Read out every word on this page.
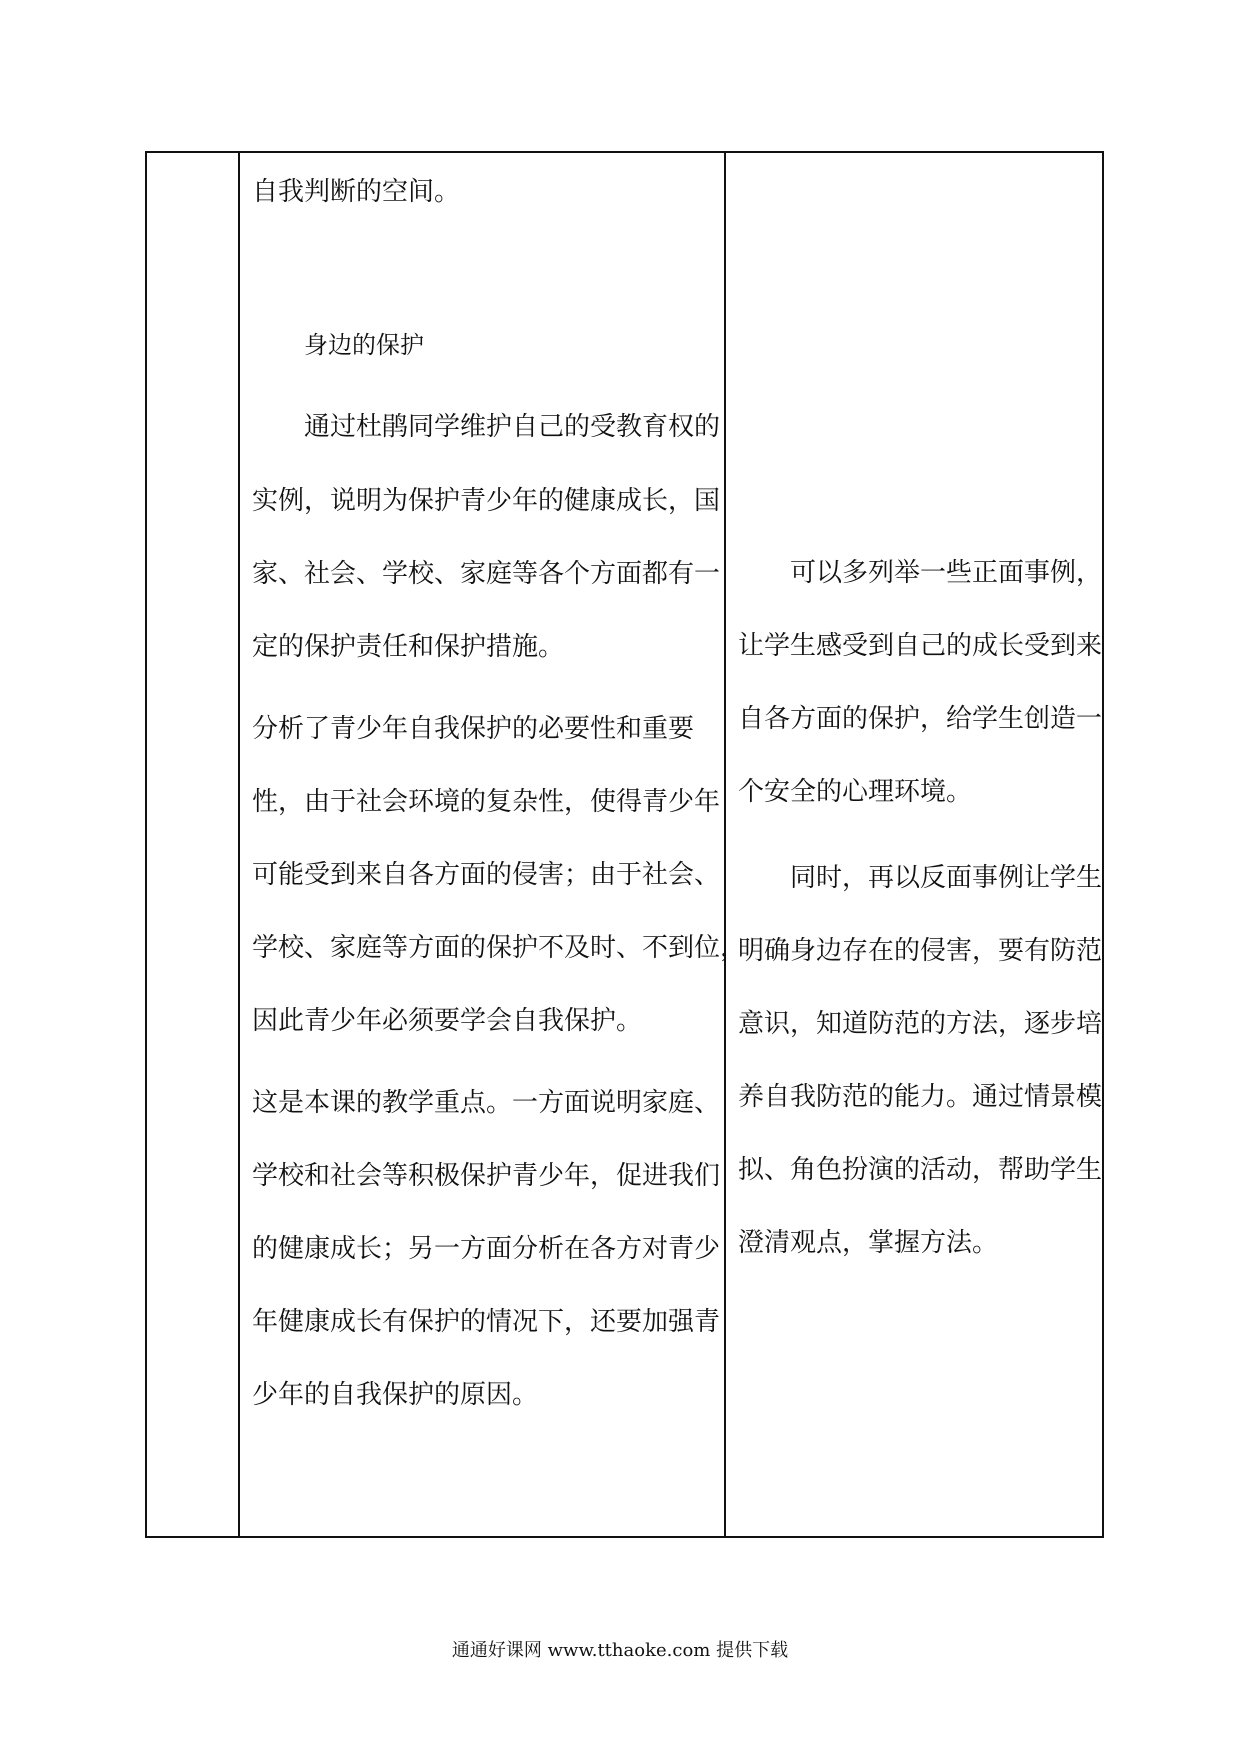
自我判断的空间。
身边的保护
通过杜鹃同学维护自己的受教育权的
实例，说明为保护青少年的健康成长，国
家、社会、学校、家庭等各个方面都有一
定的保护责任和保护措施。
分析了青少年自我保护的必要性和重要
性，由于社会环境的复杂性，使得青少年
可能受到来自各方面的侵害；由于社会、
学校、家庭等方面的保护不及时、不到位，
因此青少年必须要学会自我保护。
这是本课的教学重点。一方面说明家庭、
学校和社会等积极保护青少年，促进我们
的健康成长；另一方面分析在各方对青少
年健康成长有保护的情况下，还要加强青
少年的自我保护的原因。
可以多列举一些正面事例，
让学生感受到自己的成长受到来
自各方面的保护，给学生创造一
个安全的心理环境。
同时，再以反面事例让学生
明确身边存在的侵害，要有防范
意识，知道防范的方法，逐步培
养自我防范的能力。通过情景模
拟、角色扮演的活动，帮助学生
澄清观点，掌握方法。
通通好课网 www.tthaoke.com 提供下载
